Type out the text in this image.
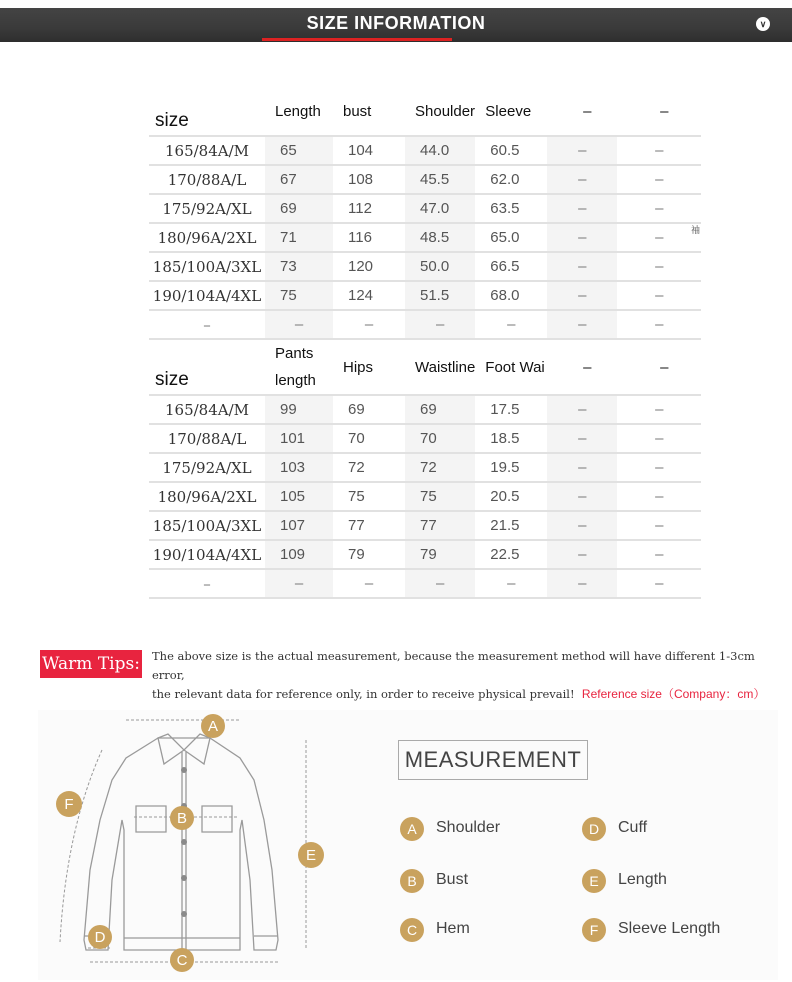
SIZE INFORMATION	∨
size	Length	bust	Shoulder	Sleeve	–	–
165/84A/M	65	104	44.0	60.5	–	–
170/88A/L	67	108	45.5	62.0	–	–
175/92A/XL	69	112	47.0	63.5	–	–
180/96A/2XL	71	116	48.5	65.0	–	–
185/100A/3XL	73	120	50.0	66.5	–	–
190/104A/4XL	75	124	51.5	68.0	–	–
–	–	–	–	–	–	–
size	Pants length	Hips	Waistline	Foot Wai	–	–
165/84A/M	99	69	69	17.5	–	–
170/88A/L	101	70	70	18.5	–	–
175/92A/XL	103	72	72	19.5	–	–
180/96A/2XL	105	75	75	20.5	–	–
185/100A/3XL	107	77	77	21.5	–	–
190/104A/4XL	109	79	79	22.5	–	–
–	–	–	–	–	–	–
袖
Warm Tips: The above size is the actual measurement, because the measurement method will have different 1-3cm error,
the relevant data for reference only, in order to receive physical prevail! Reference size（Company：cm）
A
B
C
D
E
F
MEASUREMENT
A	Shoulder
B	Bust
C	Hem
D	Cuff
E	Length
F	Sleeve Length
